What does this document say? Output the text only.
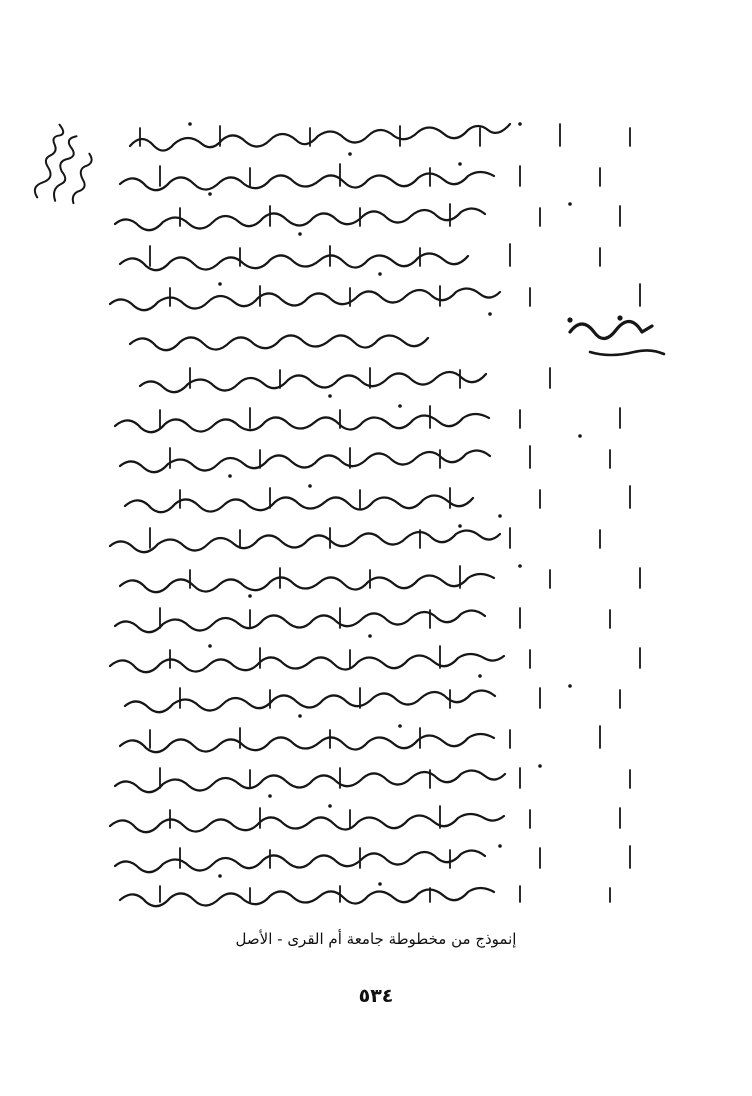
إنموذج من مخطوطة جامعة أم القرى - الأصل
٥٣٤
